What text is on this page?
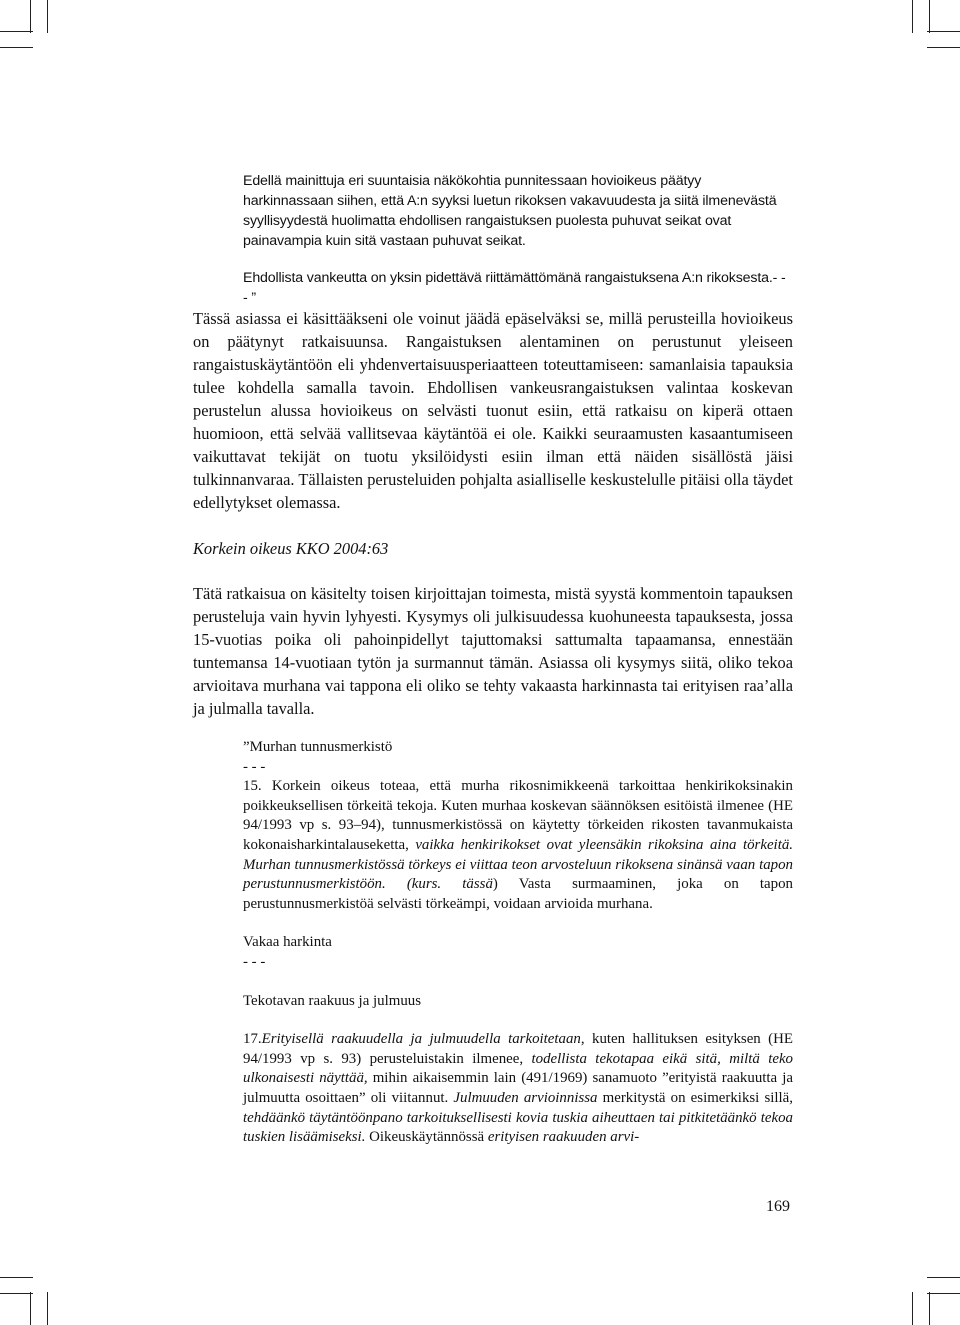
Edellä mainittuja eri suuntaisia näkökohtia punnitessaan hovioikeus päätyy harkinnassaan siihen, että A:n syyksi luetun rikoksen vakavuudesta ja siitä ilmenevästä syyllisyydestä huolimatta ehdollisen rangaistuksen puolesta puhuvat seikat ovat painavampia kuin sitä vastaan puhuvat seikat.

Ehdollista vankeutta on yksin pidettävä riittämättömänä rangaistuksena A:n rikoksesta.- - - ”

Tässä asiassa ei käsittääkseni ole voinut jäädä epäselväksi se, millä perusteilla hovioikeus on päätynyt ratkaisuunsa. Rangaistuksen alentaminen on perustunut yleiseen rangaistuskäytäntöön eli yhdenvertaisuusperiaatteen toteuttamiseen: samanlaisia tapauksia tulee kohdella samalla tavoin. Ehdollisen vankeusrangaistuksen valintaa koskevan perustelun alussa hovioikeus on selvästi tuonut esiin, että ratkaisu on kiperä ottaen huomioon, että selvää vallitsevaa käytäntöä ei ole. Kaikki seuraamusten kasaantumiseen vaikuttavat tekijät on tuotu yksilöidysti esiin ilman että näiden sisällöstä jäisi tulkinnanvaraa. Tällaisten perusteluiden pohjalta asialliselle keskustelulle pitäisi olla täydet edellytykset olemassa.

Korkein oikeus KKO 2004:63

Tätä ratkaisua on käsitelty toisen kirjoittajan toimesta, mistä syystä kommentoin tapauksen perusteluja vain hyvin lyhyesti. Kysymys oli julkisuudessa kuohuneesta tapauksesta, jossa 15-vuotias poika oli pahoinpidellyt tajuttomaksi sattumalta tapaamansa, ennestään tuntemansa 14-vuotiaan tytön ja surmannut tämän. Asiassa oli kysymys siitä, oliko tekoa arvioitava murhana vai tappona eli oliko se tehty vakaasta harkinnasta tai erityisen raa’alla ja julmalla tavalla.

”Murhan tunnusmerkistö

- - -

15. Korkein oikeus toteaa, että murha rikosnimikkeenä tarkoittaa henkirikoksinakin poikkeuksellisen törkeitä tekoja. Kuten murhaa koskevan säännöksen esitöistä ilmenee (HE 94/1993 vp s. 93–94), tunnusmerkistössä on käytetty törkeiden rikosten tavanmukaista kokonaisharkintalauseketta, vaikka henkirikokset ovat yleensäkin rikoksina aina törkeitä. Murhan tunnusmerkistössä törkeys ei viittaa teon arvosteluun rikoksena sinänsä vaan tapon perustunnusmerkistöön. (kurs. tässä) Vasta surmaaminen, joka on tapon perustunnusmerkistöä selvästi törkeämpi, voidaan arvioida murhana.

Vakaa harkinta

- - -

Tekotavan raakuus ja julmuus

17.Erityisellä raakuudella ja julmuudella tarkoitetaan, kuten hallituksen esityksen (HE 94/1993 vp s. 93) perusteluistakin ilmenee, todellista tekotapaa eikä sitä, miltä teko ulkonaisesti näyttää, mihin aikaisemmin lain (491/1969) sanamuoto ”erityistä raakuutta ja julmuutta osoittaen” oli viitannut. Julmuuden arvioinnissa merkitystä on esimerkiksi sillä, tehdäänkö täytäntöönpano tarkoituksellisesti kovia tuskia aiheuttaen tai pitkitetäänkö tekoa tuskien lisäämiseksi. Oikeuskäytännössä erityisen raakuuden arvi-

169
